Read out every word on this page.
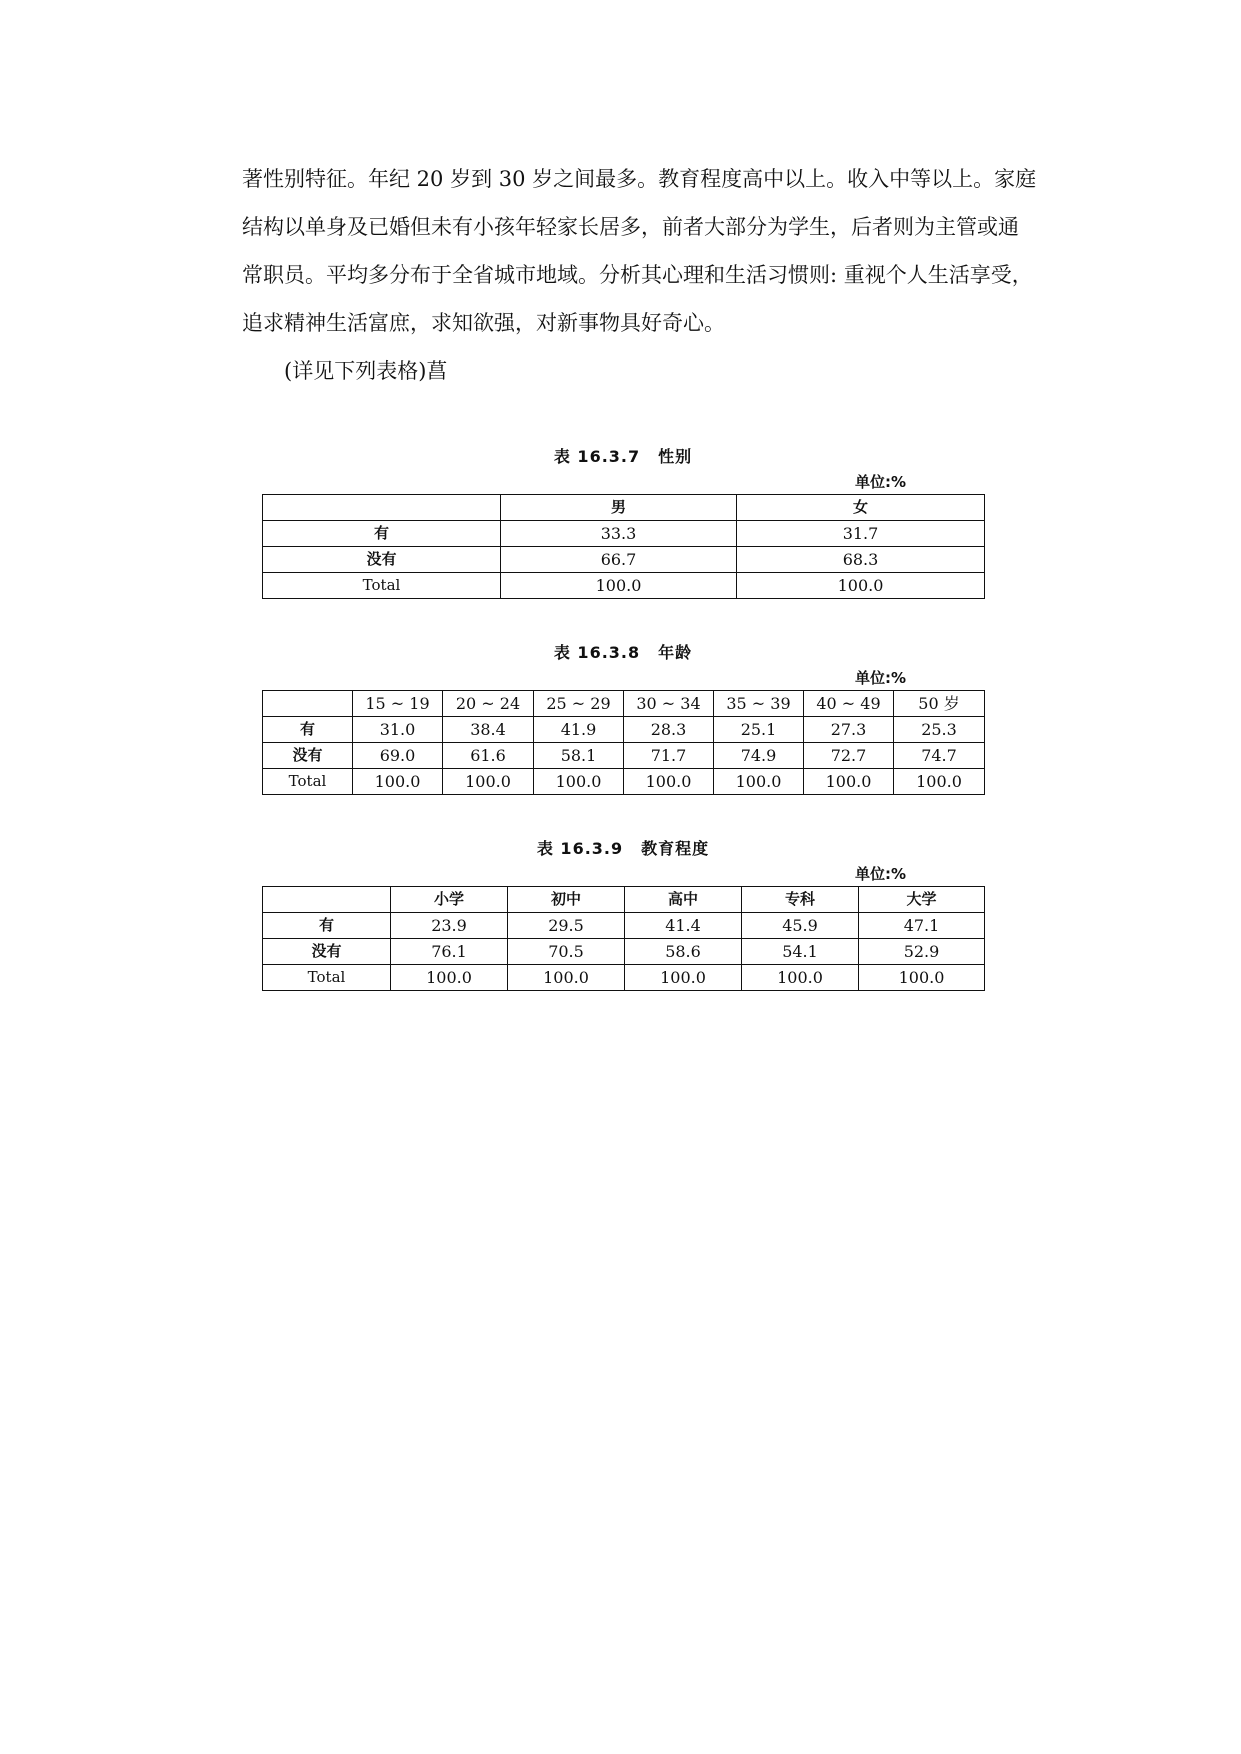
著性别特征。年纪 20 岁到 30 岁之间最多。教育程度高中以上。收入中等以上。家庭

结构以单身及已婚但未有小孩年轻家长居多，前者大部分为学生，后者则为主管或通

常职员。平均多分布于全省城市地域。分析其心理和生活习惯则: 重视个人生活享受，

追求精神生活富庶，求知欲强，对新事物具好奇心。

(详见下列表格)菖

表 16.3.7 性别
单位:%
	男	女
有	33.3	31.7
没有	66.7	68.3
Total	100.0	100.0
表 16.3.8 年龄
单位:%
	15 ~ 19	20 ~ 24	25 ~ 29	30 ~ 34	35 ~ 39	40 ~ 49	50 岁
有	31.0	38.4	41.9	28.3	25.1	27.3	25.3
没有	69.0	61.6	58.1	71.7	74.9	72.7	74.7
Total	100.0	100.0	100.0	100.0	100.0	100.0	100.0
表 16.3.9 教育程度
单位:%
	小学	初中	高中	专科	大学
有	23.9	29.5	41.4	45.9	47.1
没有	76.1	70.5	58.6	54.1	52.9
Total	100.0	100.0	100.0	100.0	100.0
